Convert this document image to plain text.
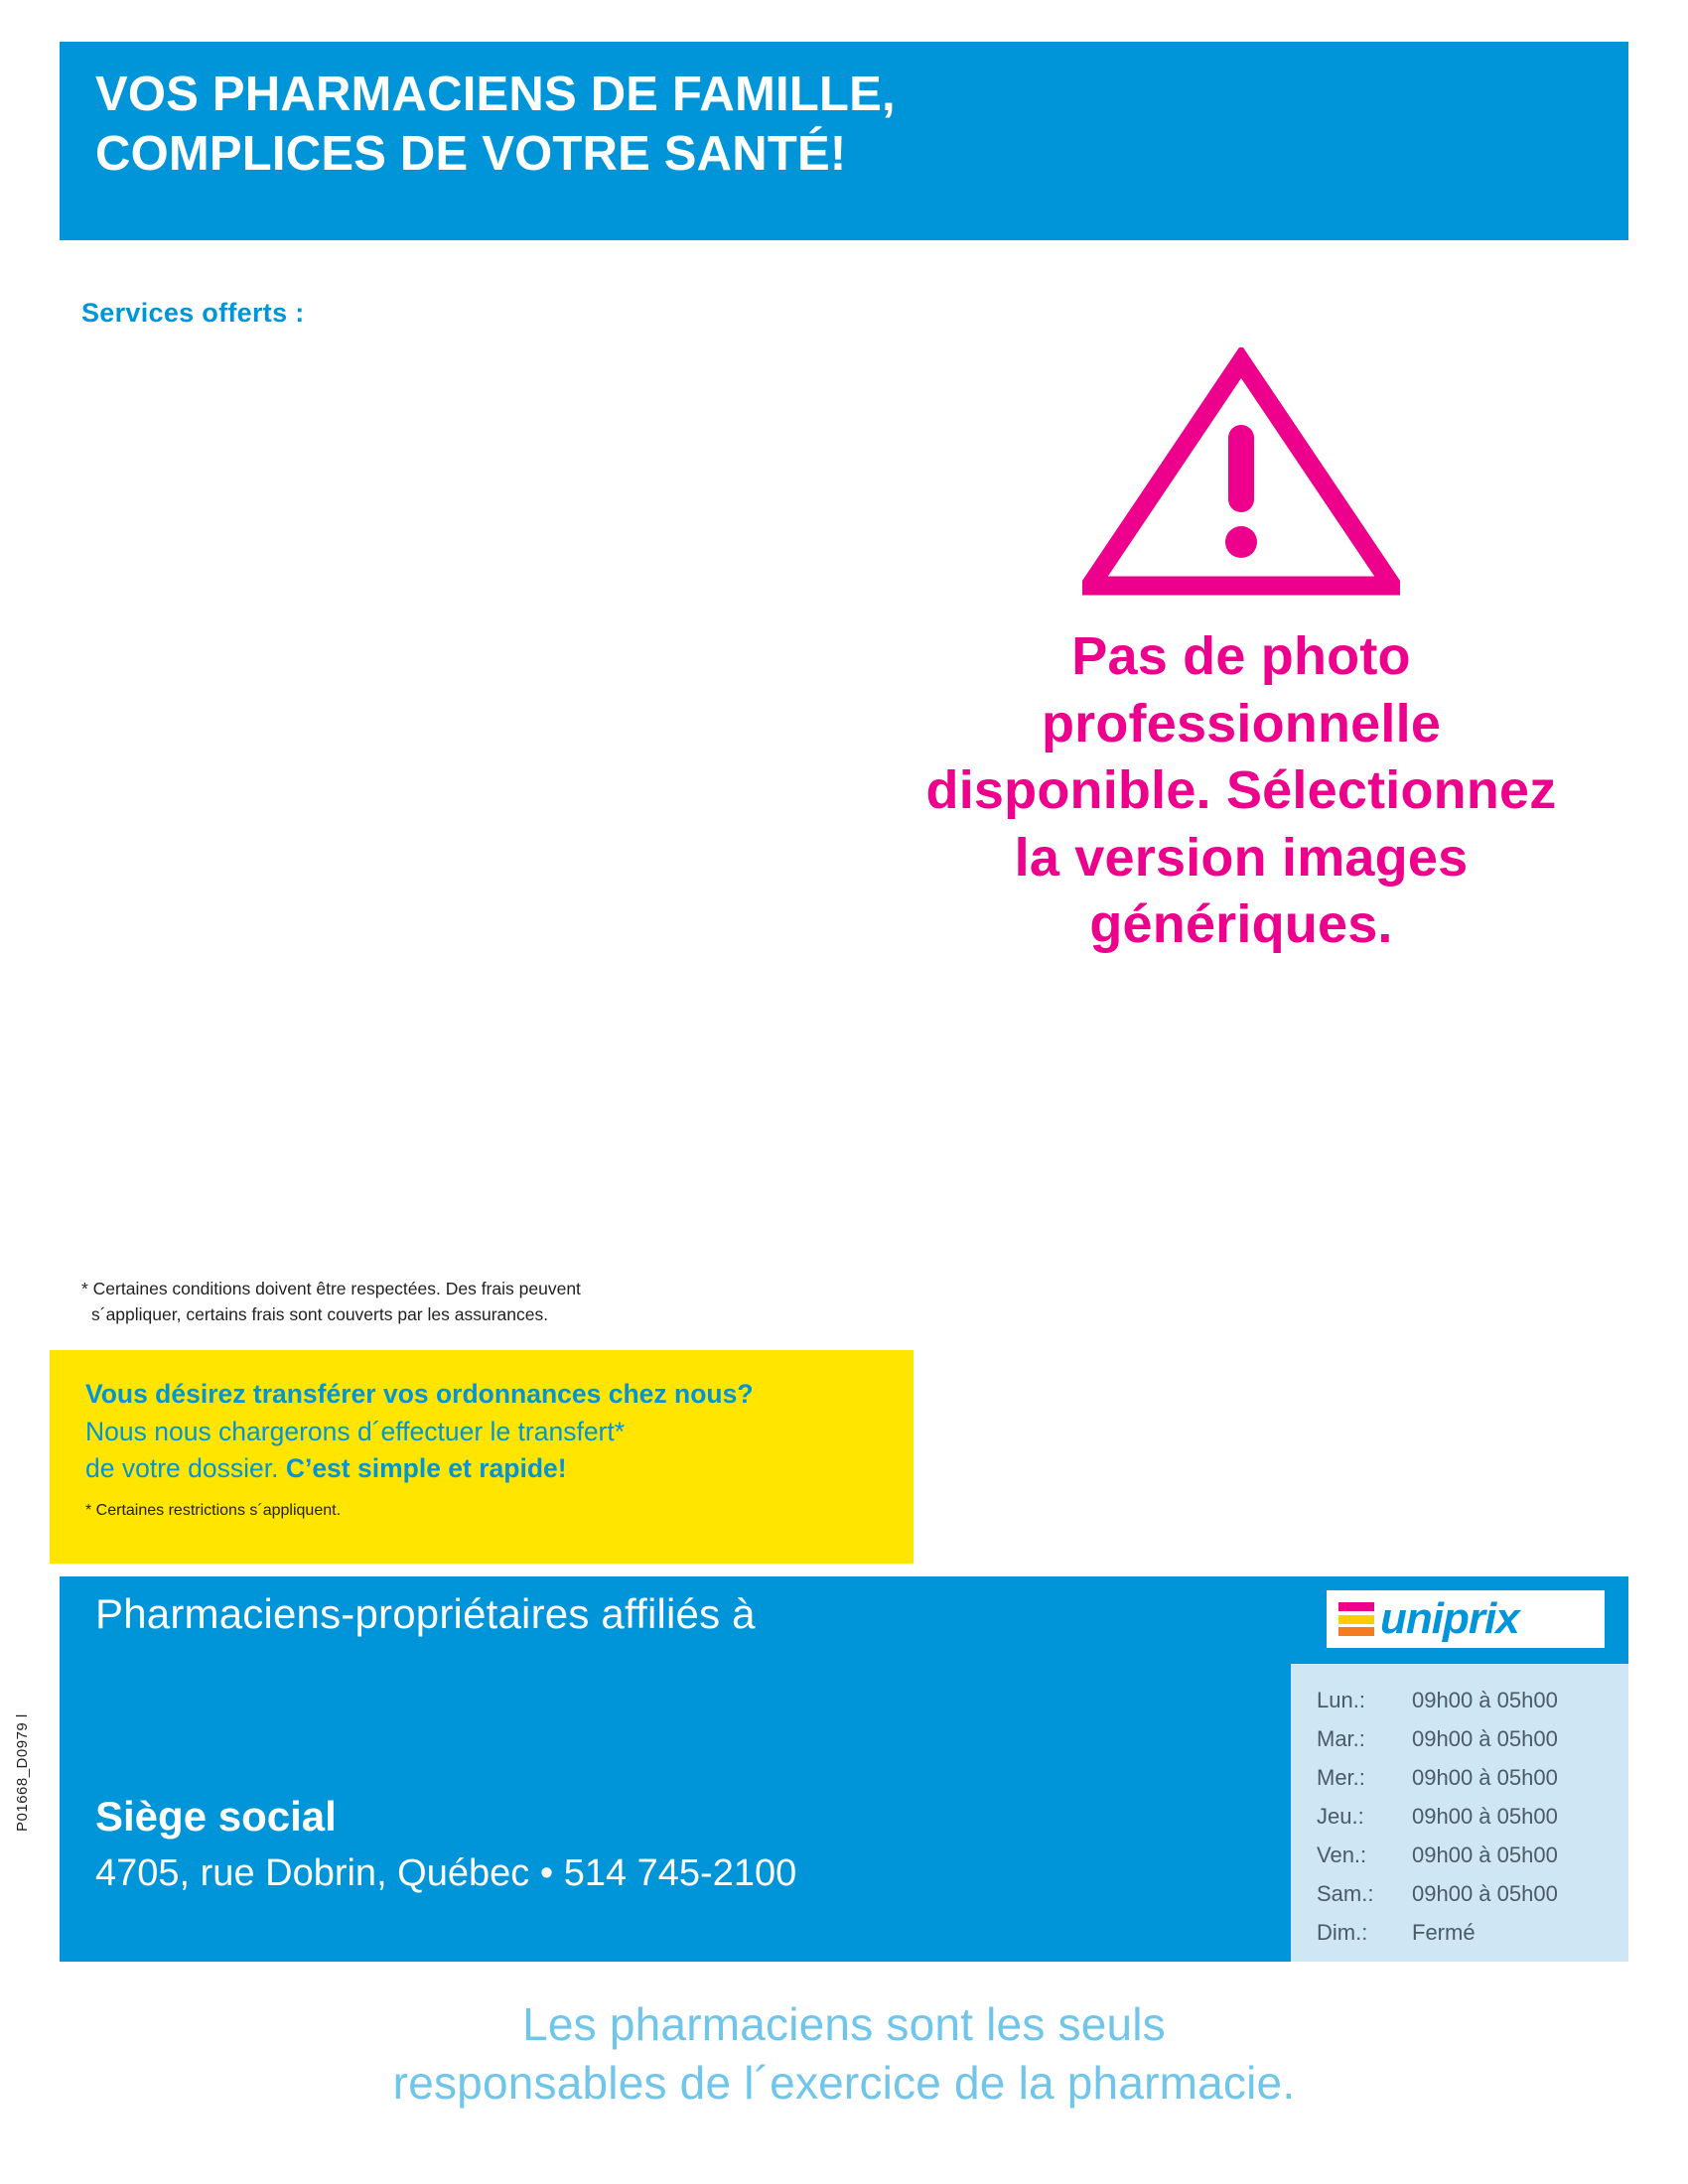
VOS PHARMACIENS DE FAMILLE,
COMPLICES DE VOTRE SANTÉ!
Services offerts :
Pas de photo professionnelle disponible. Sélectionnez la version images génériques.
* Certaines conditions doivent être respectées. Des frais peuvent
s´appliquer, certains frais sont couverts par les assurances.
Vous désirez transférer vos ordonnances chez nous?
Nous nous chargerons d´effectuer le transfert*
de votre dossier. C’est simple et rapide!
* Certaines restrictions s´appliquent.
Pharmaciens-propriétaires affiliés à	uniprix
Siège social
4705, rue Dobrin, Québec • 514 745-2100
Lun.:	09h00 à 05h00
Mar.:	09h00 à 05h00
Mer.:	09h00 à 05h00
Jeu.:	09h00 à 05h00
Ven.:	09h00 à 05h00
Sam.:	09h00 à 05h00
Dim.:	Fermé
P01668_D0979 l
Les pharmaciens sont les seuls
responsables de l´exercice de la pharmacie.
